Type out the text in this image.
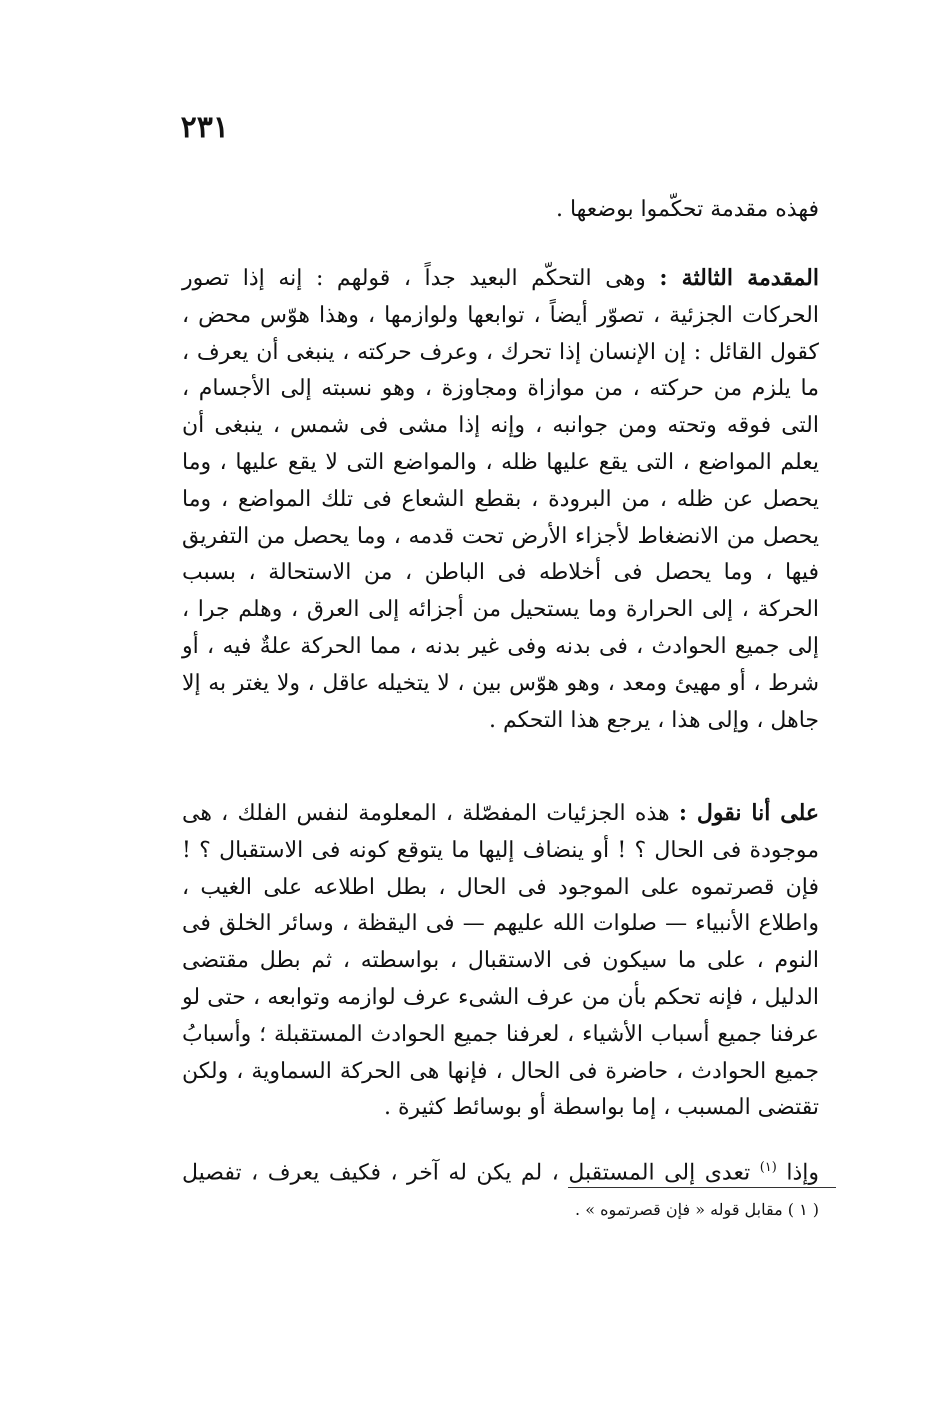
٢٣١

فهذه مقدمة تحكّموا بوضعها .

المقدمة الثالثة : وهى التحكّم البعيد جداً ، قولهم : إنه إذا تصور الحركات الجزئية ، تصوّر أيضاً ، توابعها ولوازمها ، وهذا هوّس محض ، كقول القائل : إن الإنسان إذا تحرك ، وعرف حركته ، ينبغى أن يعرف ، ما يلزم من حركته ، من موازاة ومجاوزة ، وهو نسبته إلى الأجسام ، التى فوقه وتحته ومن جوانبه ، وإنه إذا مشى فى شمس ، ينبغى أن يعلم المواضع ، التى يقع عليها ظله ، والمواضع التى لا يقع عليها ، وما يحصل عن ظله ، من البرودة ، بقطع الشعاع فى تلك المواضع ، وما يحصل من الانضغاط لأجزاء الأرض تحت قدمه ، وما يحصل من التفريق فيها ، وما يحصل فى أخلاطه فى الباطن ، من الاستحالة ، بسبب الحركة ، إلى الحرارة وما يستحيل من أجزائه إلى العرق ، وهلم جرا ، إلى جميع الحوادث ، فى بدنه وفى غير بدنه ، مما الحركة علةٌ فيه ، أو شرط ، أو مهيئ ومعد ، وهو هوّس بين ، لا يتخيله عاقل ، ولا يغتر به إلا جاهل ، وإلى هذا ، يرجع هذا التحكم .

على أنا نقول : هذه الجزئيات المفصّلة ، المعلومة لنفس الفلك ، هى موجودة فى الحال ؟ ! أو ينضاف إليها ما يتوقع كونه فى الاستقبال ؟ ! فإن قصرتموه على الموجود فى الحال ، بطل اطلاعه على الغيب ، واطلاع الأنبياء — صلوات الله عليهم — فى اليقظة ، وسائر الخلق فى النوم ، على ما سيكون فى الاستقبال ، بواسطته ، ثم بطل مقتضى الدليل ، فإنه تحكم بأن من عرف الشىء عرف لوازمه وتوابعه ، حتى لو عرفنا جميع أسباب الأشياء ، لعرفنا جميع الحوادث المستقبلة ؛ وأسبابُ جميع الحوادث ، حاضرة فى الحال ، فإنها هى الحركة السماوية ، ولكن تقتضى المسبب ، إما بواسطة أو بوسائط كثيرة .

وإذا $^{(١)}$ تعدى إلى المستقبل ، لم يكن له آخر ، فكيف يعرف ، تفصيل

( ١ ) مقابل قوله « فإن قصرتموه » .
